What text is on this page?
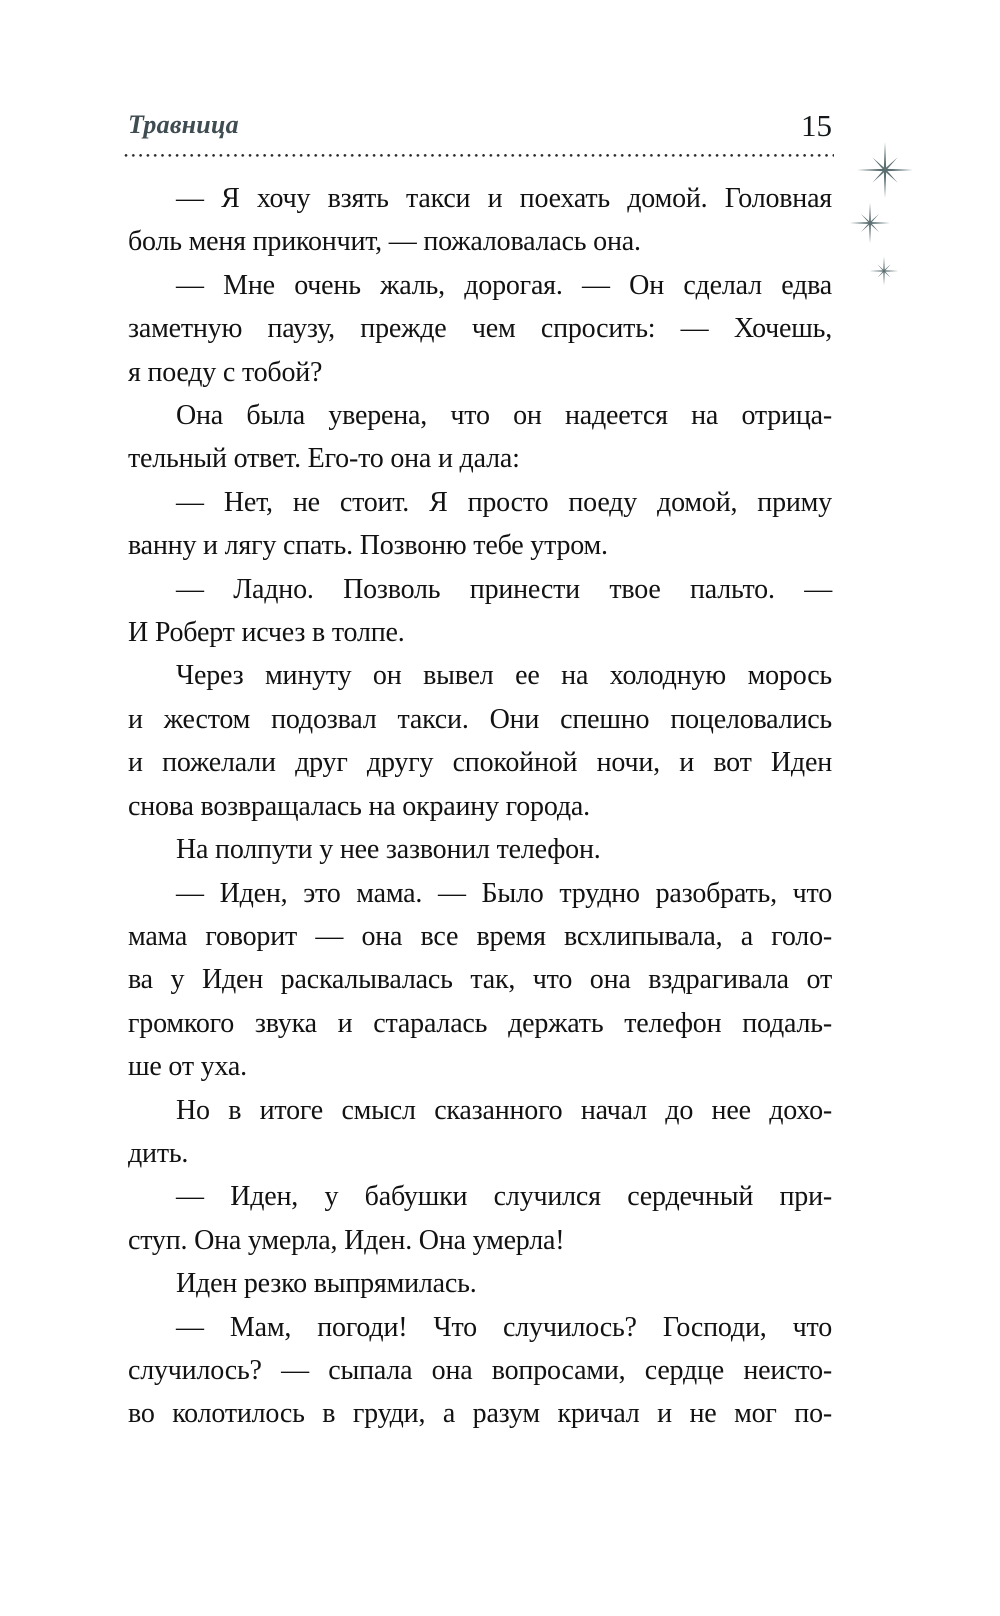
Травница	15
— Я хочу взять такси и поехать домой. Головная
боль меня прикончит, — пожаловалась она.
— Мне очень жаль, дорогая. — Он сделал едва
заметную паузу, прежде чем спросить: — Хочешь,
я поеду с тобой?
Она была уверена, что он надеется на отрица-
тельный ответ. Его-то она и дала:
— Нет, не стоит. Я просто поеду домой, приму
ванну и лягу спать. Позвоню тебе утром.
— Ладно. Позволь принести твое пальто. —
И Роберт исчез в толпе.
Через минуту он вывел ее на холодную морось
и жестом подозвал такси. Они спешно поцеловались
и пожелали друг другу спокойной ночи, и вот Иден
снова возвращалась на окраину города.
На полпути у нее зазвонил телефон.
— Иден, это мама. — Было трудно разобрать, что
мама говорит — она все время всхлипывала, а голо-
ва у Иден раскалывалась так, что она вздрагивала от
громкого звука и старалась держать телефон подаль-
ше от уха.
Но в итоге смысл сказанного начал до нее дохо-
дить.
— Иден, у бабушки случился сердечный при-
ступ. Она умерла, Иден. Она умерла!
Иден резко выпрямилась.
— Мам, погоди! Что случилось? Господи, что
случилось? — сыпала она вопросами, сердце неисто-
во колотилось в груди, а разум кричал и не мог по-
